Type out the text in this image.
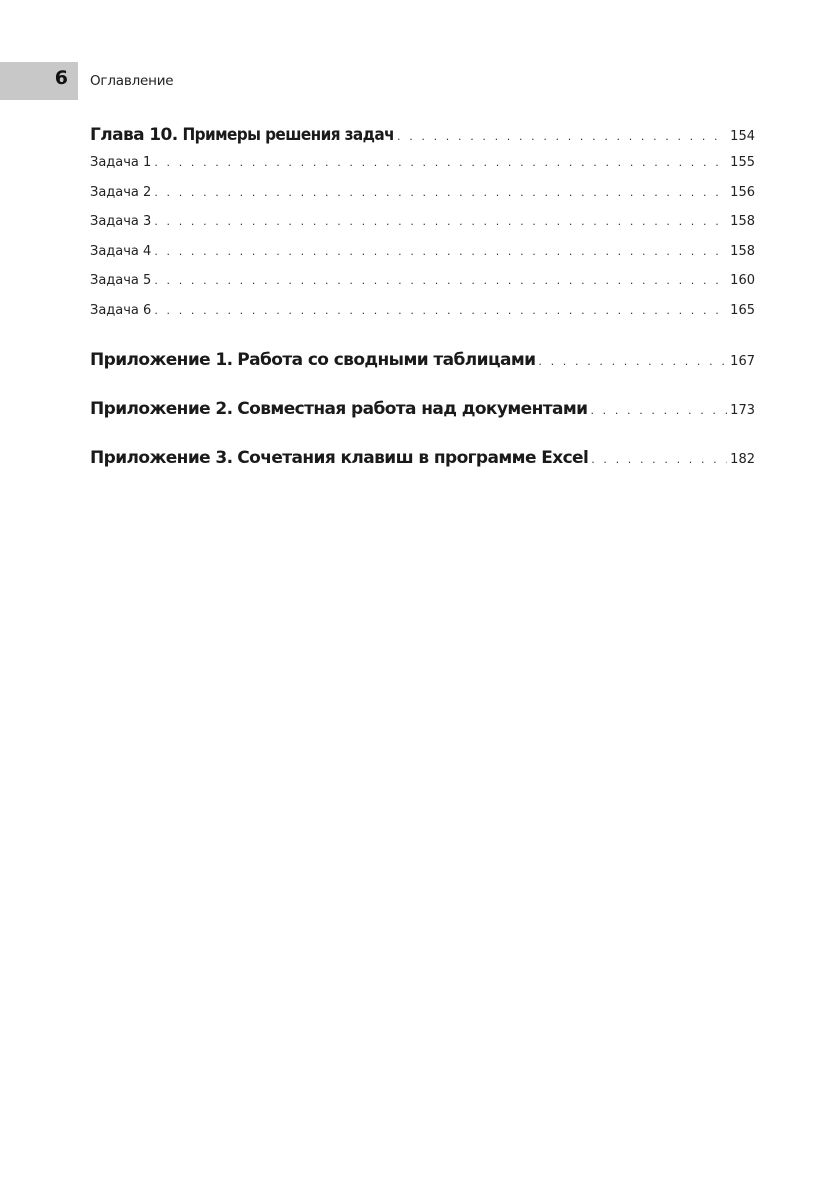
6 Оглавление
Глава 10. Примеры решения задач . . .	154
Задача 1 . . .	155
Задача 2 . . .	156
Задача 3 . . .	158
Задача 4 . . .	158
Задача 5 . . .	160
Задача 6 . . .	165
Приложение 1. Работа со сводными таблицами . . .	167
Приложение 2. Совместная работа над документами . . .	173
Приложение 3. Сочетания клавиш в программе Excel . . .	182
